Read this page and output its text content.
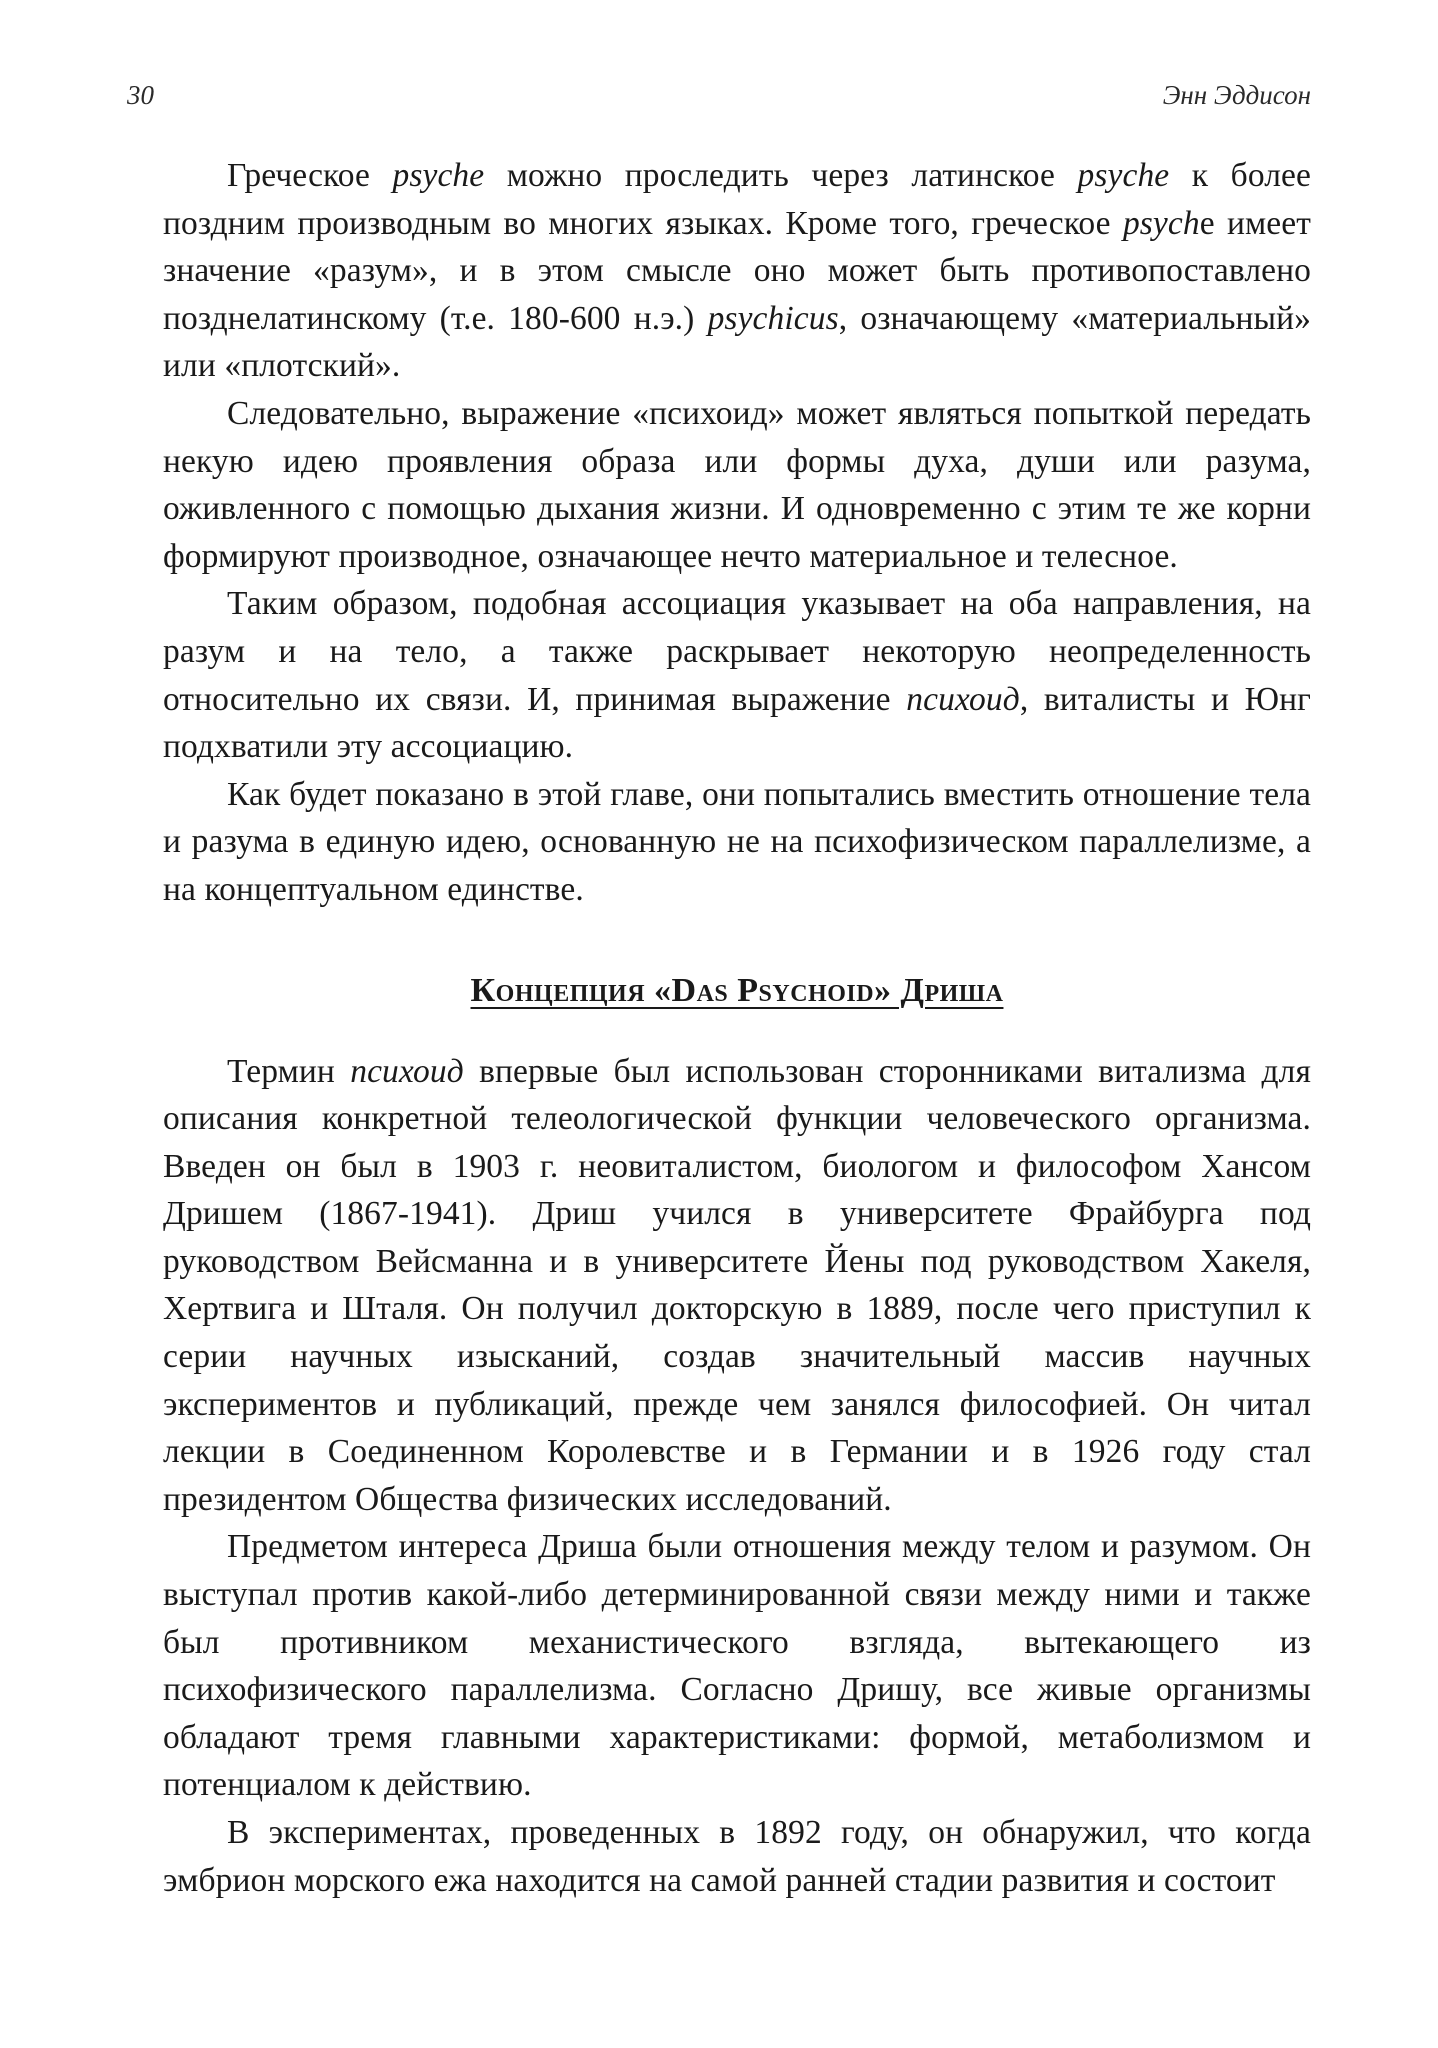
30	Энн Эддисон

Греческое psyche можно проследить через латинское psyche к более поздним производным во многих языках. Кроме того, греческое psyche имеет значение «разум», и в этом смысле оно может быть противопоставлено позднелатинскому (т.е. 180-600 н.э.) psychicus, означающему «материальный» или «плотский».

Следовательно, выражение «психоид» может являться попыткой передать некую идею проявления образа или формы духа, души или разума, оживленного с помощью дыхания жизни. И одновременно с этим те же корни формируют производное, означающее нечто материальное и телесное.

Таким образом, подобная ассоциация указывает на оба направления, на разум и на тело, а также раскрывает некоторую неопределенность относительно их связи. И, принимая выражение психоид, виталисты и Юнг подхватили эту ассоциацию.

Как будет показано в этой главе, они попытались вместить отношение тела и разума в единую идею, основанную не на психофизическом параллелизме, а на концептуальном единстве.

Концепция «Das Psychoid» Дриша

Термин психоид впервые был использован сторонниками витализма для описания конкретной телеологической функции человеческого организма. Введен он был в 1903 г. неовиталистом, биологом и философом Хансом Дришем (1867-1941). Дриш учился в университете Фрайбурга под руководством Вейсманна и в университете Йены под руководством Хакеля, Хертвига и Шталя. Он получил докторскую в 1889, после чего приступил к серии научных изысканий, создав значительный массив научных экспериментов и публикаций, прежде чем занялся философией. Он читал лекции в Соединенном Королевстве и в Германии и в 1926 году стал президентом Общества физических исследований.

Предметом интереса Дриша были отношения между телом и разумом. Он выступал против какой-либо детерминированной связи между ними и также был противником механистического взгляда, вытекающего из психофизического параллелизма. Согласно Дришу, все живые организмы обладают тремя главными характеристиками: формой, метаболизмом и потенциалом к действию.

В экспериментах, проведенных в 1892 году, он обнаружил, что когда эмбрион морского ежа находится на самой ранней стадии развития и состоит
